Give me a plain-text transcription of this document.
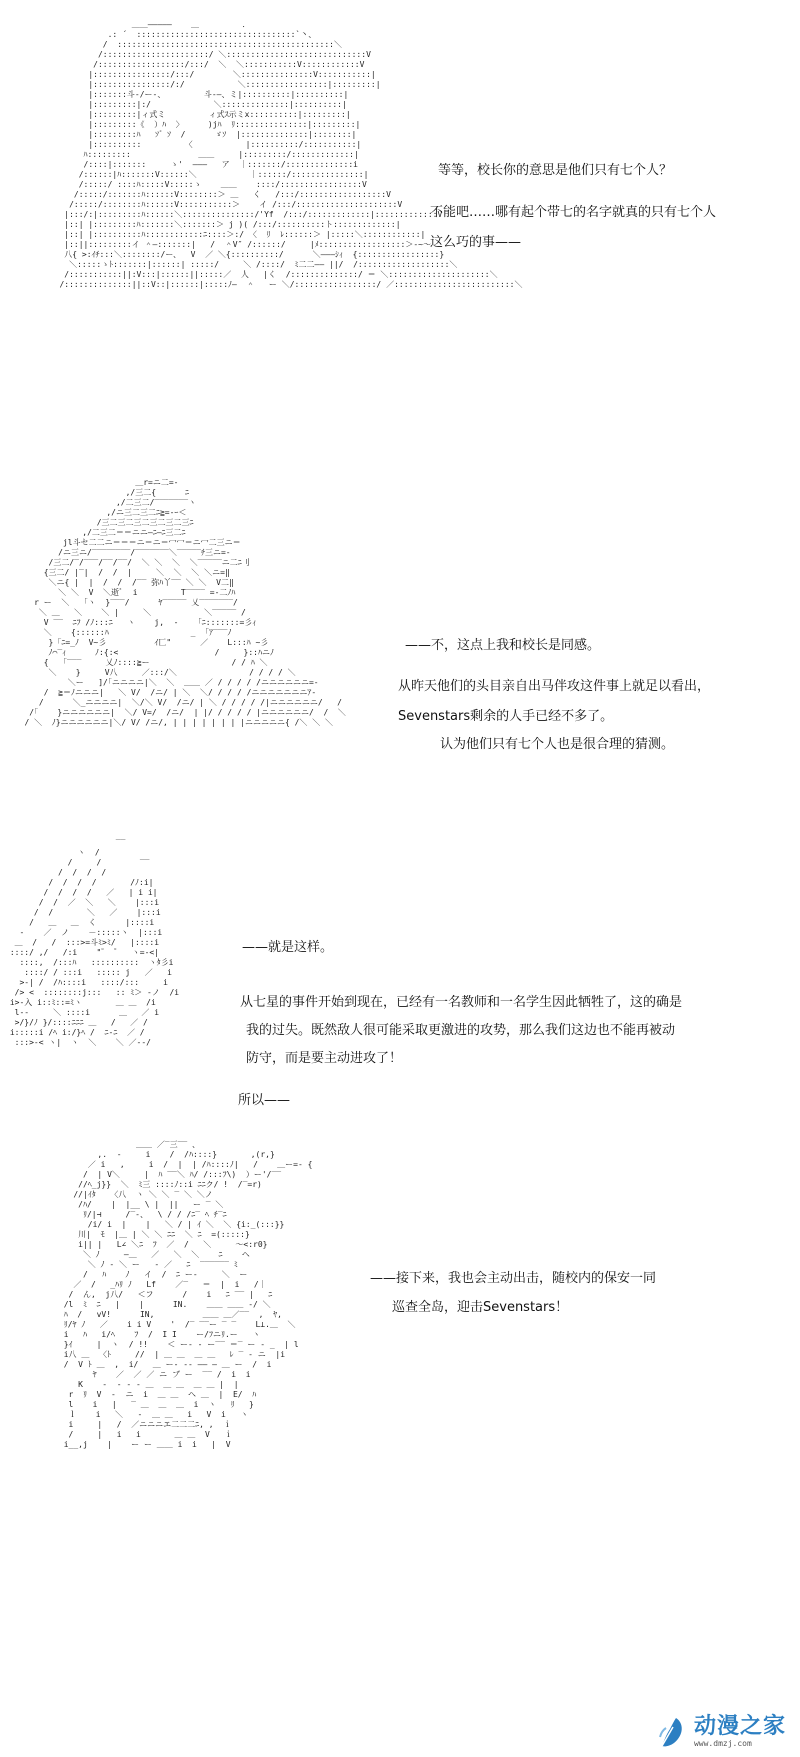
＿＿―――――    ＿         ．
.: ´  :::::::::::::::::::::::::::::::::`丶、
/  :::::::::::::::::::::::::::::::::::::::::::::＼
/::::::::::::::::::::::/ ＼:::::::::::::::::::::::::::::V
/::::::::::::::::::/:::/  ＼  ＼:::::::::::V::::::::::::V
|::::::::::::::::/:::/        ＼:::::::::::::::V:::::::::::|
|::::::::::::::::/:/           ＼:::::::::::::::::|:::::::::|
|:::::::斗-/ー-、        斗-―、ミ|::::::::::|::::::::::|
|:::::::::|:/             ＼::::::::::::::|::::::::::|
|:::::::::|ィ式ミ         ィ式ｽ示ミx::::::::::|:::::::::|
|:::::::::《  ）ﾊ  〉     )jﾊ  ﾘ:::::::::::::::|:::::::::|
|:::::::::ﾊ   ｿ゛ｿ  /      ゞｿ  |::::::::::::::|::::::::|
|::::::::::         〈           |::::::::::/:::::::::::|
ﾊ:::::::::              ＿＿     |:::::::::/:::::::::::::|
/::::|:::::::     ゝ'  ―――   ア  ｜:::::::/::::::::::::::i
/::::::|ﾊ:::::::V::::::＼           ｜::::::/:::::::::::::::|
/:::::/ ::::ﾊ:::::V:::::ゝ    ＿＿    ::::/:::::::::::::::::V
/:::::/:::::::ﾊ::::::V::::::::＞ ＿   く   /:::/::::::::::::::::::V
/:::::/::::::::ﾊ::::::V:::::::::::＞    イ /:::/:::::::::::::::::::::V
|:::/:|:::::::::ﾊ::::::＼:::::::::::::::/'Yf  /:::/:::::::::::::|:::::::::::::V
|::| |:::::::::ﾊ:::::::＼:::::::＞ j )( /:::/::::::::::ト:::::::::::::|
|::| |::::::::::ﾊ::::::::::::ﾆ::::＞:/ 〈  ﾘ  ﾚ::::::＞ |:::::＼::::::::::::|
|::||:::::::::イ ＾―:::::::|   /  ＾V″ /::::::/     |ﾒ::::::::::::::::::＞‐~～
八{ >:ｲﾁ:::＼::::::::/ー、  V  ／ ＼{::::::::::/      ＼―――ｼｨ  {:::::::::::::::::}
＼:::::ゝﾄ:::::::|::::::| :::::/     ＼ /::::/  ﾐ二二―― ||/  /:::::::::::::::::::＼
/:::::::::::||:V:::|::::::||:::::／  人   |く  /::::::::::::::/ ＝ ＼:::::::::::::::::::::＼
/::::::::::::::||::V::|::::::|:::::ﾉ―  ＾   ー ＼/:::::::::::::::::/ ／:::::::::::::::::::::::::＼

等等，校长你的意思是他们只有七个人？
不能吧……哪有起个带七的名字就真的只有七个人
这么巧的事——
＿r=ニ二=-
,/三二{      ﾆ
,/二三二/‾‾‾‾‾‾‾ヽ
,/ニ三二三二ﾆ≧=-ｰ＜
/三二三二三二三二三二三ﾆ
,/二三二＝＝ニニ―ﾆ―ﾆ三二ﾆ
jl斗セ二二ニ＝＝＝ニ＝ニ＝冖冖＝ニ冖二三ニ＝
/ニ三ニ/‾‾‾‾‾‾‾‾/‾‾‾‾‾‾‾＼‾‾‾‾‾ﾁ三ニ=-
/三二/‾/‾‾‾/‾‾/‾‾/  ＼ ＼  ＼  ＼‾‾‾‾‾ニ二ﾆ刂
{三二/ |‾|  /  /  |     ＼  ＼  ＼ ＼ニ=‖
＼ニ{ |  |  /  /  /‾‾ 弥ﾊ丫‾‾ ＼ ＼  V二‖
＼ ＼  V  ＼逝ﾞ  i         T‾‾‾‾ =-二ﾉﾊ
r ー  ＼   ｢ヽ  }‾‾‾/      ﾔ‾‾‾‾‾ 乂‾‾‾‾‾‾‾/
＼ ＿   ＼    ＼ |     ＼           ＼‾‾‾‾‾ /
V ‾‾  ﾆﾌ /ﾉ:::ﾆ   ヽ    j,  -    ｢ﾆ:::::::=彡ｨ
＼    {::::::ﾊ                 _  ｢ｱ‾‾‾ﾉ
}「ﾆ=_ﾉ  V~彡          ｲ匸"      ／    L:::ﾊ ~彡
ﾉ⌒‾ｨ      ﾉ:{:<                    /     }::ﾊニﾉ
{   ｢‾‾‾     乂ﾉ::::≧ー                 / / ﾊ ＼
＼    }     V八     ／:::/＼               / / / / ＼
＼ー   ]/｢ニニニニ|＼  ＼  ＿＿ ／ / / / / /ニニニニニニ=-
/  ≧＝ﾉニニニ|   ＼ V/  /ニ/ | ＼  ＼/ / / / /ニニニニニニニｱ-
/      ＼_ニニニニ|  ＼/＼ V/  /ニ/ | ＼ / / / / /|ニニニニニニ/   /
/｢    }ニニニニニニ|  ＼/ V=/  /ニ/  | |/ / / / / |ニニニニニニ/  /  ＼
/ ＼  ﾉ}ニニニニニニ|＼/ V/ /ニ/, | | | | | | | |ニニニニニ{ /＼ ＼ ＼

——不，这点上我和校长是同感。
从昨天他们的头目亲自出马伴攻这件事上就足以看出，
Sevenstars剩余的人手已经不多了。
认为他们只有七个人也是很合理的猜测。
‾‾
ヽ  /
/     /        ‾‾
/  /  /  /
/  /  /  /       /ﾉ:i|
/  /  /  /   ／   | i i|
/  /  ／  ＼   ＼    |:::i
/  /       ＼   ／    |:::i
/   ＿   ＿  く      |::::i
‐    ／  ノ    －:::::ヽ  |:::i
＿  /   /  :::>=斗ﾐ>ﾐ/   |::::i
::::/ ,/   /:i    "゜ ゜  ヽ=‐<|
::::,  /:::ﾊ   ::::::::::  ヽﾀ彡i
::::/ / :::i   ::::: j   ／   i
>‐| /  /ﾊ::::i   ::::/:::     i
/> <  ::::::::j:::   :: ﾐ＞ ‐ノ  /i
i>-入 i::ﾐ::=ﾐヽ       ＿ ＿  /i
l-‐     ＼ ::::i      ＿   ／ i
>/}/ﾉ }/::::ﾆﾆﾆ ＿   /   ／ /
i:::::i /ﾍ i:/}ﾍ /  ﾆ‐ﾆ  ／ /
:::>‐< ヽ|  ヽ  ＼    ＼ ／--/

——就是这样。
从七星的事件开始到现在，已经有一名教师和一名学生因此牺牲了，这的确是
我的过失。既然敌人很可能采取更激进的攻势，那么我们这边也不能再被动
防守，而是要主动进攻了！
所以——
＿＿ ／‾三‾‾ 、
,.  ‐     i    /  /ﾊ::::}       ,(r,}
／ i   ,     i  /  |  | /ﾊ::::ﾉ|   /    ＿ー=‐ {
/  | V＼     |  ﾊ ‾‾＼ ﾊ/ /:::ﾌ\)  ）ー'/‾‾
//ﾍ_j}}  ＼  ﾐ三 ::::ﾉ::i ﾆﾆク/ !  /‾=r)
//|ｲﾀ   〈八  ヽ ＼ ＼ ‾ ＼ ＼ノ
/ﾊ/    |  |__ \ |  ||   ー ‾ ＼
ﾘ/|⊣     /‾‐、  \ / / /ﾆ‾ ﾍ ﾁ‾ﾆ
/i/ i  |    |   ＼ / | ｲ ＼  ＼ {i:_(:::}}
川|  ﾓ  |＿ | ＼ ＼ ﾆﾆ  ＼ ﾆ  =(:::::}
i|| |   L∠ ＼ﾆ  ﾌ  ／  /   ＼     ～<:r0}
＼ ﾉ     ―＿   ／   ＼  ＼    ﾆ    ヘ
＼ ﾉ ‐ ＼ ー   ‐ ／   ﾆ  ‾‾‾‾‾‾ ﾐ
/   ﾊ    ﾉ   イ  /  ﾆ ー‐     ＼  ー
／  /   _ﾊﾘ ﾉ   Lf    ／‾   ＝  |  i   /｜
/  ん,  j八/   ＜フ      /    i   ﾆ ‾‾ |   ﾆ
/l  ﾐ  ﾆ   |    |      IN.    ＿＿ ＿＿ ‐/ ＼
ﾊ  /   vV!      IN,          ＿＿ ＿／‾‾  ,  ﾔ,
ﾘ/ﾔ ﾉ   ／    i i V    '  /‾ ‾‾ー ‾ ‾    L⊥.＿  ＼
i   ﾊ   i/ﾍ    ﾌ  /  I I    ー/ﾌニﾘ.ー   ヽ
}ｲ     |  ヽ  / !!    ＜ ー‐ ‐ ー‾‾ ＝‾ ー ‐ _  | l
i八 ＿  〈ﾄ     //  | ＿ ＿  ＿ ＿   ﾚ ‾ ‐ ニ  |i
/  V ﾄ ＿  ,  i/   ＿ ー‐ ‐‐ ―― ― ＿ ー  /  i
ﾔ    ／  ／ ／ ニ ブ ー  ‾‾ /  i  i
K    ‐  ‐ ‐ ‐ ＿  ＿ ＿  ＿ ＿ |  |
r  ﾘ  V  ‐  ニ  i  ＿ ＿  ヘ ＿  |  E/  ﾊ
l    i   |   ‾ ＿  ＿  ＿  i  ヽ   ﾘ   }
ｌ    i   ＼   ‐  ＿ ＿   i   V  i   ヽ
i     |   /  ／ニニニエ二二二ﾆ, ,  ｉ
/     |   i   i       ＿ ＿  V   ｉ
i__,j    |    ー ー ＿＿ i  i   |  V

——接下来，我也会主动出击，随校内的保安一同
巡查全岛，迎击Sevenstars！
动漫之家
www.dmzj.com
